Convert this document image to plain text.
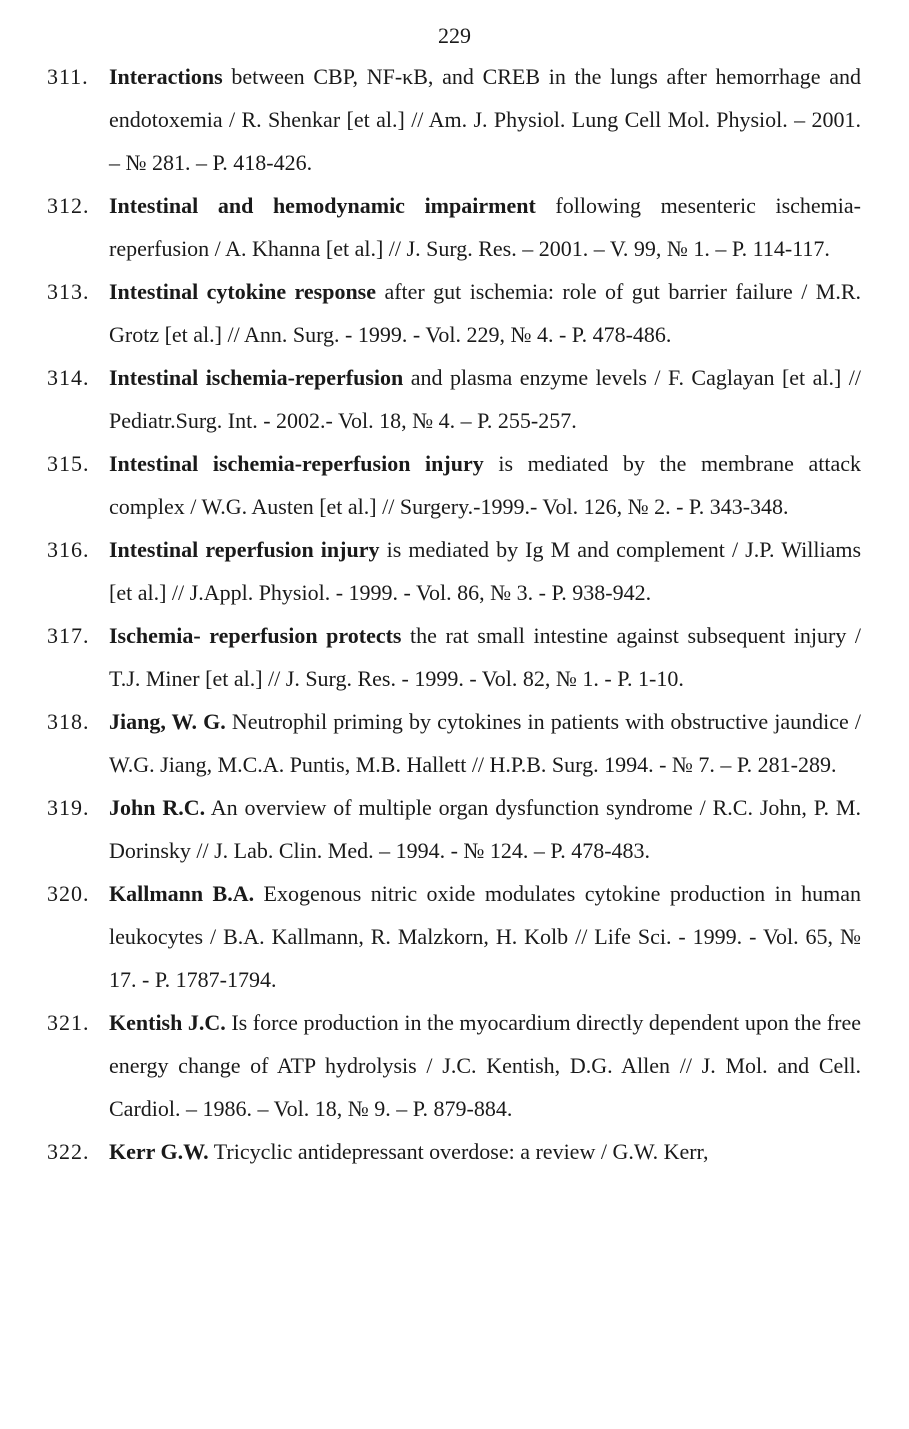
229
311. Interactions between CBP, NF-κB, and CREB in the lungs after hemorrhage and endotoxemia / R. Shenkar [et al.] // Am. J. Physiol. Lung Cell Mol. Physiol. – 2001. – № 281. – P. 418-426.
312. Intestinal and hemodynamic impairment following mesenteric ischemia-reperfusion / A. Khanna [et al.] // J. Surg. Res. – 2001. – V. 99, № 1. – P. 114-117.
313. Intestinal cytokine response after gut ischemia: role of gut barrier failure / M.R. Grotz [et al.] // Ann. Surg. - 1999. - Vol. 229, № 4. - P. 478-486.
314. Intestinal ischemia-reperfusion and plasma enzyme levels / F. Caglayan [et al.] // Pediatr.Surg. Int. - 2002.- Vol. 18, № 4. – P. 255-257.
315. Intestinal ischemia-reperfusion injury is mediated by the membrane attack complex / W.G. Austen [et al.] // Surgery.-1999.- Vol. 126, № 2. - P. 343-348.
316. Intestinal reperfusion injury is mediated by Ig M and complement / J.P. Williams [et al.] // J.Appl. Physiol. - 1999. - Vol. 86, № 3. - P. 938-942.
317. Ischemia- reperfusion protects the rat small intestine against subsequent injury / T.J. Miner [et al.] // J. Surg. Res. - 1999. - Vol. 82, № 1. - P. 1-10.
318. Jiang, W. G. Neutrophil priming by cytokines in patients with obstructive jaundice / W.G. Jiang, M.C.A. Puntis, M.B. Hallett // H.P.B. Surg. 1994. - № 7. – P. 281-289.
319. John R.C. An overview of multiple organ dysfunction syndrome / R.C. John, P. M. Dorinsky // J. Lab. Clin. Med. – 1994. - № 124. – P. 478-483.
320. Kallmann B.A. Exogenous nitric oxide modulates cytokine production in human leukocytes / B.A. Kallmann, R. Malzkorn, H. Kolb // Life Sci. - 1999. - Vol. 65, № 17. - P. 1787-1794.
321. Kentish J.C. Is force production in the myocardium directly dependent upon the free energy change of ATP hydrolysis / J.C. Kentish, D.G. Allen // J. Mol. and Cell. Cardiol. – 1986. – Vol. 18, № 9. – P. 879-884.
322. Kerr G.W. Tricyclic antidepressant overdose: a review / G.W. Kerr,
